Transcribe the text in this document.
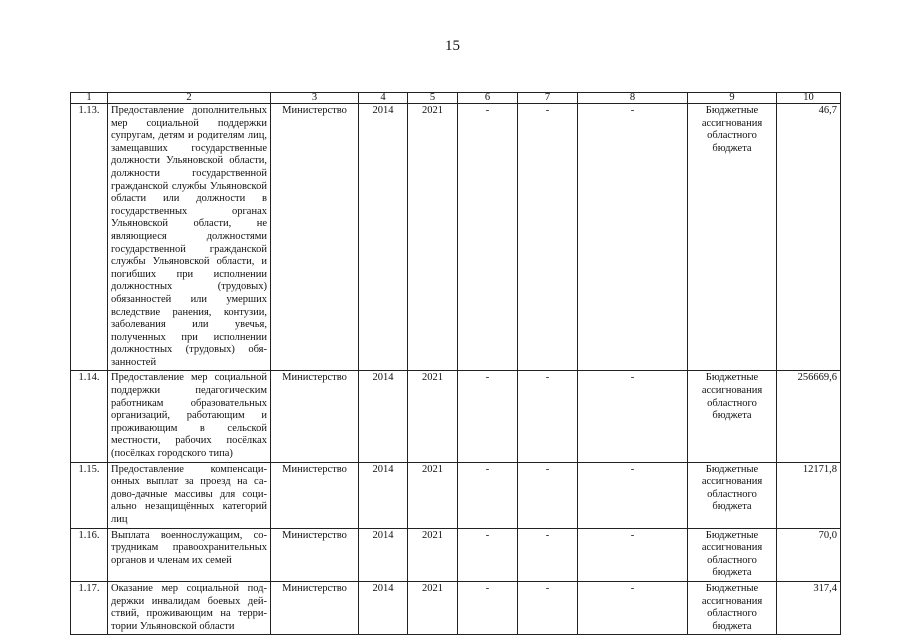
15
1	2	3	4	5	6	7	8	9	10
1.13.	Предоставление дополнительных мер социальной поддержки супругам, детям и родителям лиц, замещавших государственные должности Ульяновской области, должности государственной гражданской службы Ульяновской области или должности в государственных органах Ульяновской области, не являющиеся должностями государственной гражданской службы Ульяновской области, и погибших при исполнении должностных (трудовых) обязанностей или умерших вследствие ранения, контузии, заболевания или увечья, полученных при исполнении должностных (трудовых) обязанностей	Министерство	2014	2021	-	-	-	Бюджетные ассигнования областного бюджета	46,7
1.14.	Предоставление мер социальной поддержки педагогическим работникам образовательных организаций, работающим и проживающим в сельской местности, рабочих посёлках (посёлках городского типа)	Министерство	2014	2021	-	-	-	Бюджетные ассигнования областного бюджета	256669,6
1.15.	Предоставление компенсационных выплат за проезд на садово-дачные массивы для социально незащищённых категорий лиц	Министерство	2014	2021	-	-	-	Бюджетные ассигнования областного бюджета	12171,8
1.16.	Выплата военнослужащим, сотрудникам правоохранительных органов и членам их семей	Министерство	2014	2021	-	-	-	Бюджетные ассигнования областного бюджета	70,0
1.17.	Оказание мер социальной поддержки инвалидам боевых действий, проживающим на территории Ульяновской области	Министерство	2014	2021	-	-	-	Бюджетные ассигнования областного бюджета	317,4
